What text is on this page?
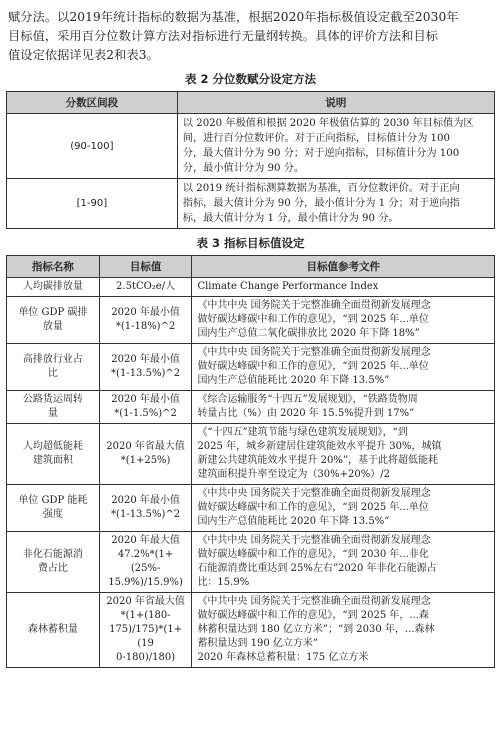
赋分法。以2019年统计指标的数据为基准，根据2020年指标极值设定截至2030年
目标值，采用百分位数计算方法对指标进行无量纲转换。具体的评价方法和目标
值设定依据详见表2和表3。
表 2 分位数赋分设定方法
分数区间段	说明
(90-100]	以 2020 年极值和根据 2020 年极值估算的 2030 年目标值为区
间，进行百分位数评价。对于正向指标，目标值计分为 100
分，最大值计分为 90 分；对于逆向指标，目标值计分为 100
分，最小值计分为 90 分。

[1-90]	以 2019 统计指标测算数据为基准，百分位数评价。对于正向
指标，最大值计分为 90 分，最小值计分为 1 分；对于逆向指
标，最大值计分为 1 分，最小值计分为 90 分。
表 3 指标目标值设定
指标名称	目标值	目标值参考文件

人均碳排放量	2.5tCO₂e/人	Climate Change Performance Index

单位 GDP 碳排
放量	2020 年最小值
*(1-18%)^2	《中共中央 国务院关于完整准确全面贯彻新发展理念
做好碳达峰碳中和工作的意见》，“到 2025 年...单位
国内生产总值二氧化碳排放比 2020 年下降 18%”

高排放行业占
比	2020 年最小值
*(1-13.5%)^2	《中共中央 国务院关于完整准确全面贯彻新发展理念
做好碳达峰碳中和工作的意见》，“到 2025 年...单位
国内生产总值能耗比 2020 年下降 13.5%”

公路货运周转
量	2020 年最小值
*(1-1.5%)^2	《综合运输服务“十四五”发展规划》，“铁路货物周
转量占比（%）由 2020 年 15.5%提升到 17%”

人均超低能耗
建筑面积	2020 年省最大值
*(1+25%)	《“十四五”建筑节能与绿色建筑发展规划》，“到
2025 年，城乡新建居住建筑能效水平提升 30%，城镇
新建公共建筑能效水平提升 20%”，基于此将超低能耗
建筑面积提升率至设定为（30%+20%）/2

单位 GDP 能耗
强度	2020 年最小值
*(1-13.5%)^2	《中共中央 国务院关于完整准确全面贯彻新发展理念
做好碳达峰碳中和工作的意见》，“到 2025 年...单位
国内生产总值能耗比 2020 年下降 13.5%”

非化石能源消
费占比	2020 年最大值
47.2%*(1+(25%-
15.9%)/15.9%)	《中共中央 国务院关于完整准确全面贯彻新发展理念
做好碳达峰碳中和工作的意见》，“到 2030 年...非化
石能源消费比重达到 25%左右”2020 年非化石能源占
比：15.9%

森林蓄积量	2020 年省最大值
*(1+(180-
175)/175)*(1+(19
0-180)/180)	《中共中央 国务院关于完整准确全面贯彻新发展理念
做好碳达峰碳中和工作的意见》，“到 2025 年，...森
林蓄积量达到 180 亿立方米”；“到 2030 年，...森林
蓄积量达到 190 亿立方米”
2020 年森林总蓄积量：175 亿立方米
